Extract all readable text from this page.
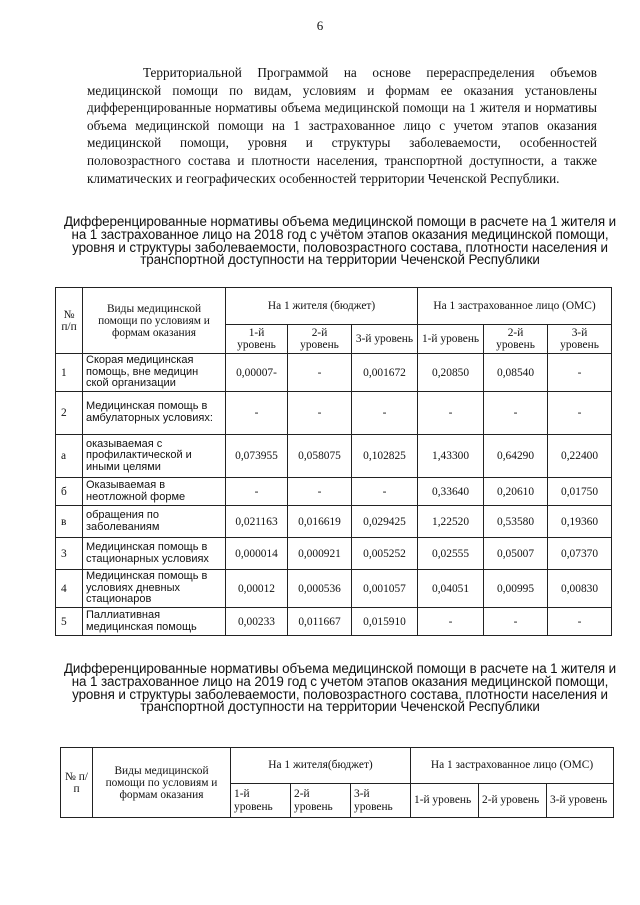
6

Территориальной Программой на основе перераспределения объемов медицинской помощи по видам, условиям и формам ее оказания установлены дифференцированные нормативы объема медицинской помощи на 1 жителя и нормативы объема медицинской помощи на 1 застрахованное лицо с учетом этапов оказания медицинской помощи, уровня и структуры заболеваемости, особенностей половозрастного состава и плотности населения, транспортной доступности, а также климатических и географических особенностей территории Чеченской Республики.

Дифференцированные нормативы объема медицинской помощи в расчете на 1 жителя и на 1 застрахованное лицо на 2018 год с учётом этапов оказания медицинской помощи, уровня и структуры заболеваемости, половозрастного состава, плотности населения и транспортной доступности на территории Чеченской Республики

№ п/п	Виды медицинской помощи по условиям и формам оказания	На 1 жителя (бюджет)			На 1 застрахованное лицо (ОМС)		
		1-й уровень	2-й уровень	3-й уровень	1-й уровень	2-й уровень	3-й уровень
1	Скорая медицинская помощь, вне медицин ской организации	0,00007-	-	0,001672	0,20850	0,08540	-
2	Медицинская помощь в амбулаторных условиях:	-	-	-	-	-	-
а	оказываемая с профилактической и иными целями	0,073955	0,058075	0,102825	1,43300	0,64290	0,22400
б	Оказываемая в неотложной форме	-	-	-	0,33640	0,20610	0,01750
в	обращения по заболеваниям	0,021163	0,016619	0,029425	1,22520	0,53580	0,19360
3	Медицинская помощь в стационарных условиях	0,000014	0,000921	0,005252	0,02555	0,05007	0,07370
4	Медицинская помощь в условиях дневных стационаров	0,00012	0,000536	0,001057	0,04051	0,00995	0,00830
5	Паллиативная медицинская помощь	0,00233	0,011667	0,015910	-	-	-

Дифференцированные нормативы объема медицинской помощи в расчете на 1 жителя и на 1 застрахованное лицо на 2019 год с учетом этапов оказания медицинской помощи, уровня и структуры заболеваемости, половозрастного состава, плотности населения и транспортной доступности на территории Чеченской Республики

№ п/п	Виды медицинской помощи по условиям и формам оказания	На 1 жителя(бюджет)			На 1 застрахованное лицо (ОМС)		
		1-й уровень	2-й уровень	3-й уровень	1-й уровень	2-й уровень	3-й уровень
